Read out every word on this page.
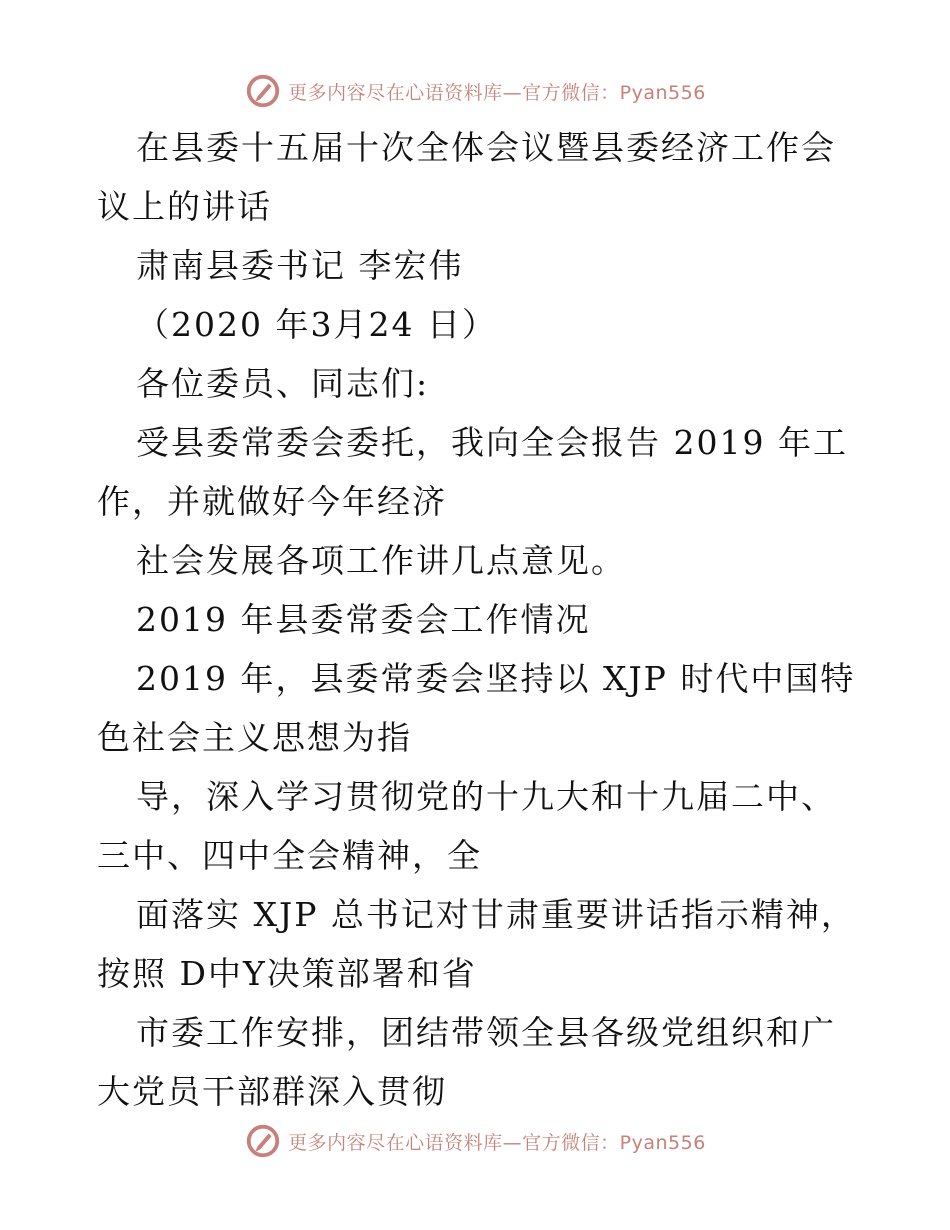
更多内容尽在心语资料库—官方微信：Pyan556

在县委十五届十次全体会议暨县委经济工作会议上的讲话

肃南县委书记 李宏伟

（2020 年3月24 日）

各位委员、同志们:

受县委常委会委托，我向全会报告 2019 年工作，并就做好今年经济

社会发展各项工作讲几点意见。

2019 年县委常委会工作情况

2019 年，县委常委会坚持以 XJP 时代中国特色社会主义思想为指

导，深入学习贯彻党的十九大和十九届二中、三中、四中全会精神，全

面落实 XJP 总书记对甘肃重要讲话指示精神，按照 D中Y决策部署和省

市委工作安排，团结带领全县各级党组织和广大党员干部群深入贯彻

更多内容尽在心语资料库—官方微信：Pyan556
